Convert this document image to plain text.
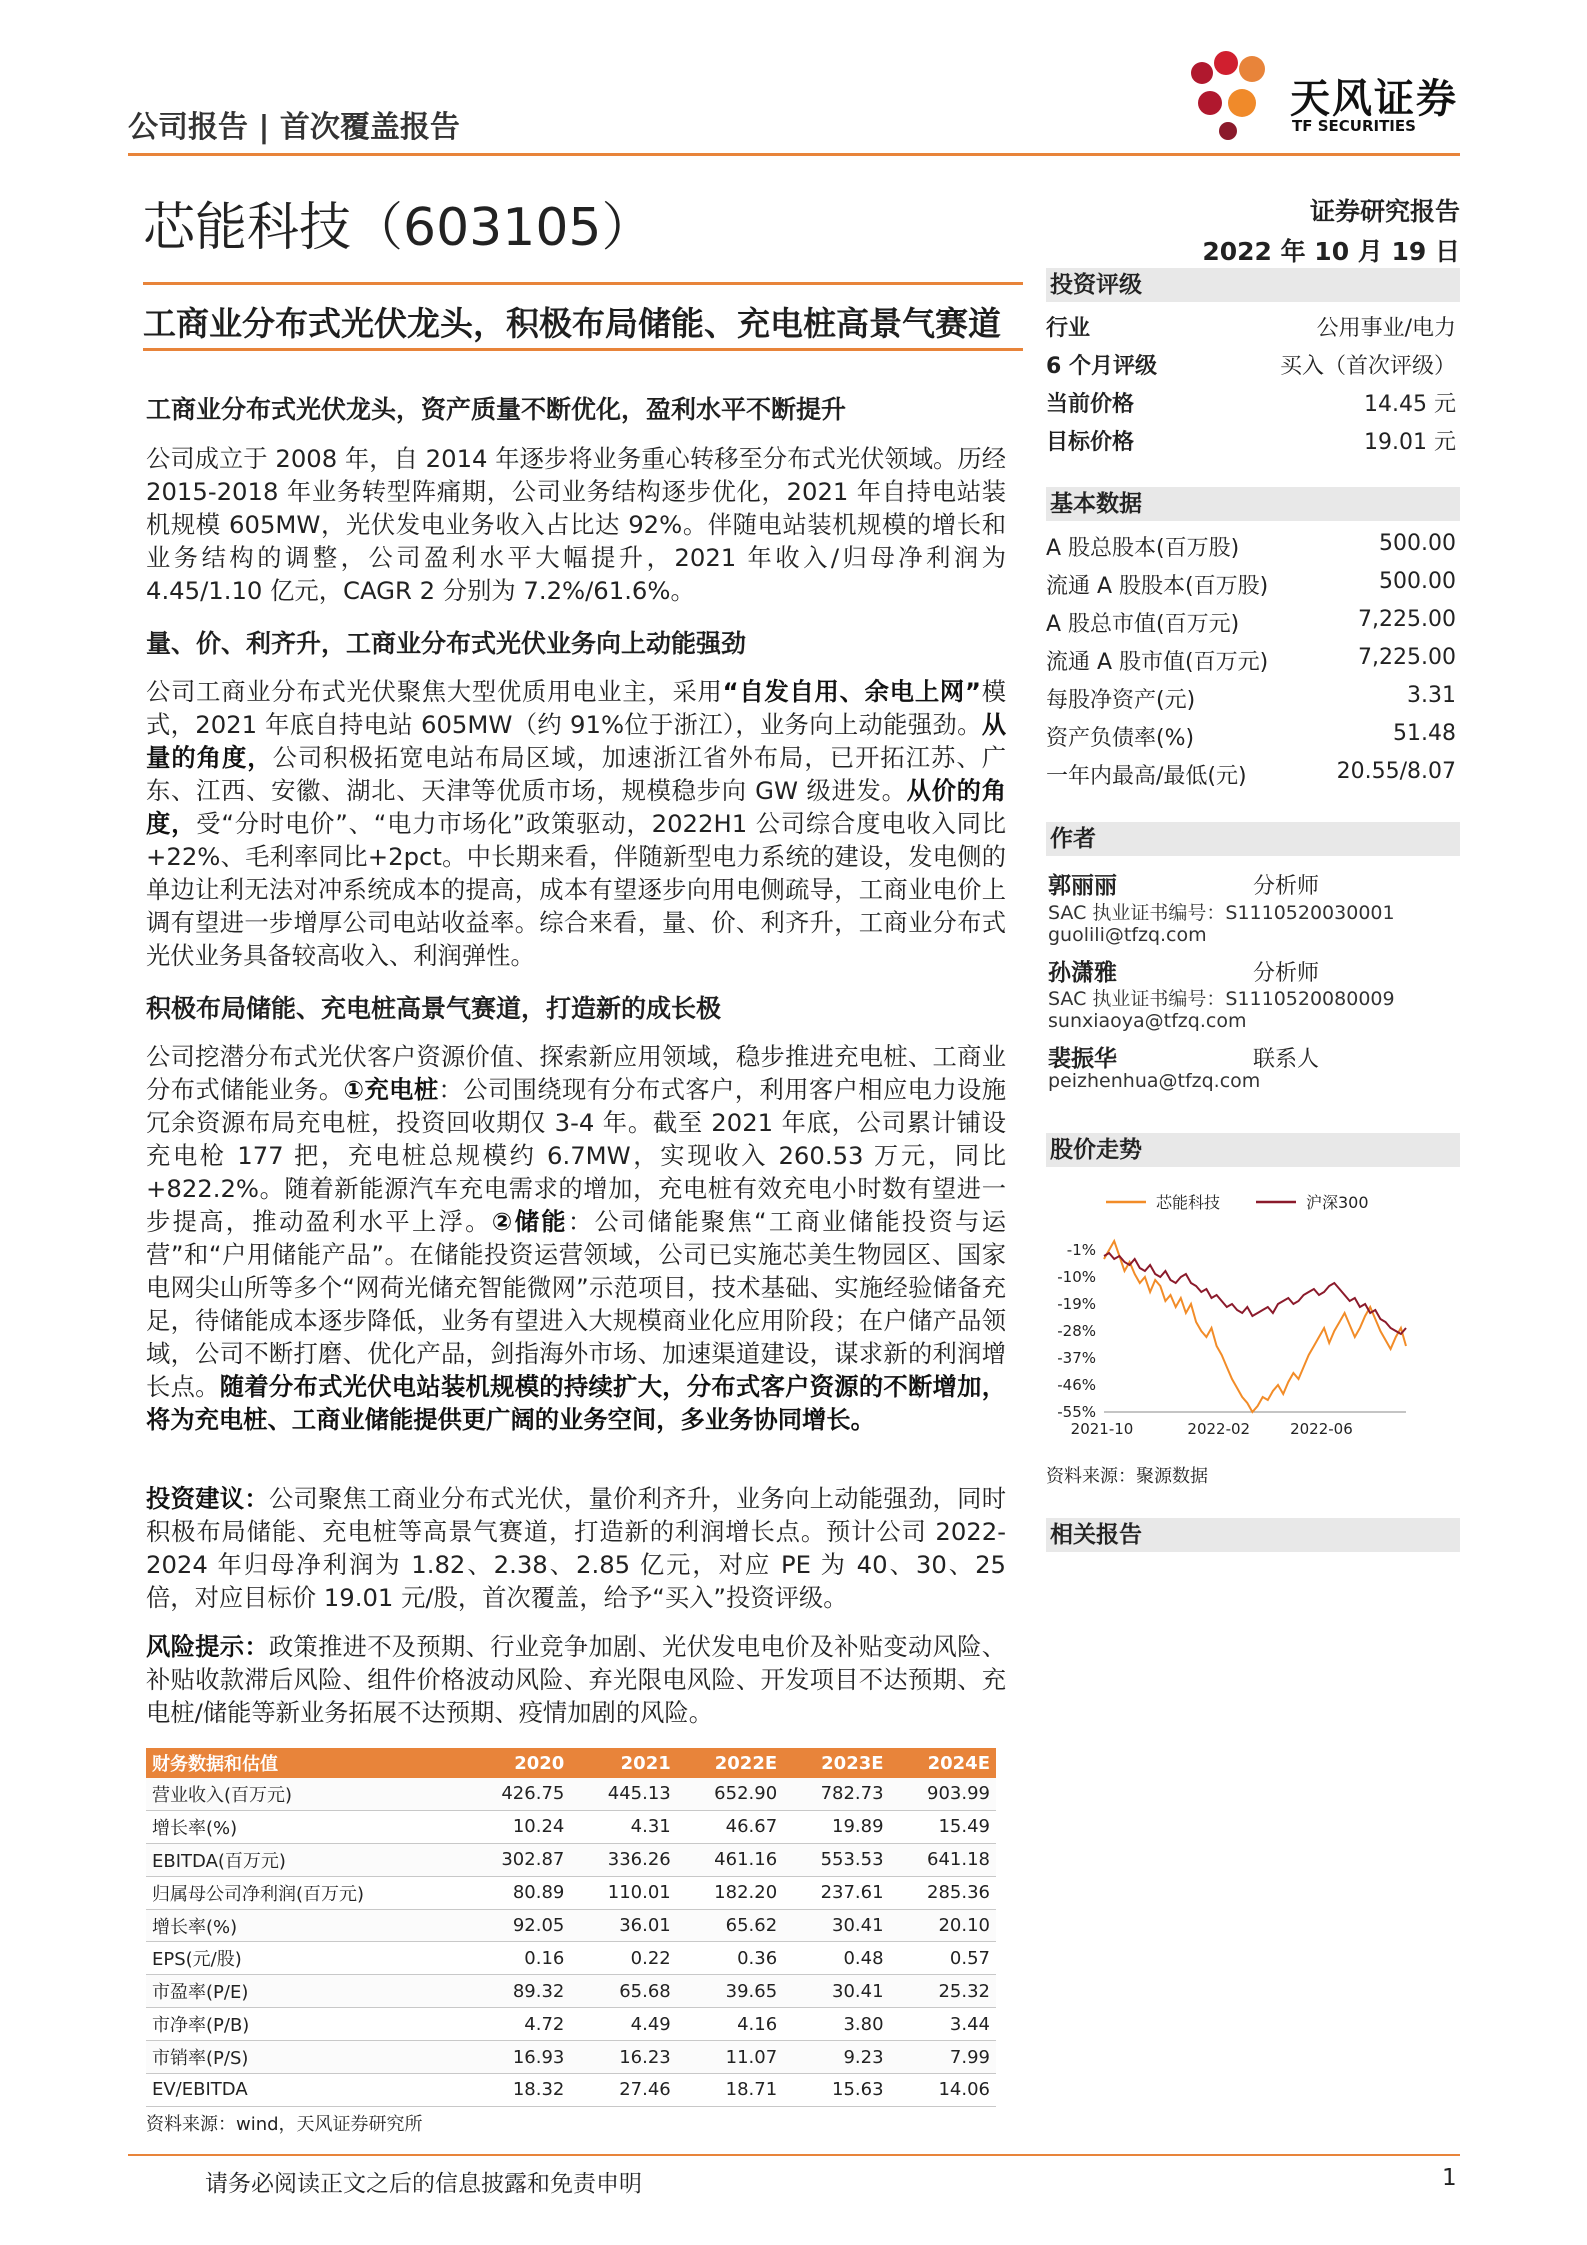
公司报告 | 首次覆盖报告
天风证券
TF SECURITIES
芯能科技（603105）	证券研究报告
2022 年 10 月 19 日
工商业分布式光伏龙头，积极布局储能、充电桩高景气赛道
工商业分布式光伏龙头，资产质量不断优化，盈利水平不断提升
公司成立于 2008 年，自 2014 年逐步将业务重心转移至分布式光伏领域。历经 2015-2018 年业务转型阵痛期，公司业务结构逐步优化，2021 年自持电站装机规模 605MW，光伏发电业务收入占比达 92%。伴随电站装机规模的增长和业务结构的调整，公司盈利水平大幅提升，2021 年收入/归母净利润为 4.45/1.10 亿元，CAGR 2 分别为 7.2%/61.6%。
量、价、利齐升，工商业分布式光伏业务向上动能强劲
公司工商业分布式光伏聚焦大型优质用电业主，采用“自发自用、余电上网”模式，2021 年底自持电站 605MW（约 91%位于浙江），业务向上动能强劲。从量的角度，公司积极拓宽电站布局区域，加速浙江省外布局，已开拓江苏、广东、江西、安徽、湖北、天津等优质市场，规模稳步向 GW 级进发。从价的角度，受“分时电价”、“电力市场化”政策驱动，2022H1 公司综合度电收入同比+22%、毛利率同比+2pct。中长期来看，伴随新型电力系统的建设，发电侧的单边让利无法对冲系统成本的提高，成本有望逐步向用电侧疏导，工商业电价上调有望进一步增厚公司电站收益率。综合来看，量、价、利齐升，工商业分布式光伏业务具备较高收入、利润弹性。
积极布局储能、充电桩高景气赛道，打造新的成长极
公司挖潜分布式光伏客户资源价值、探索新应用领域，稳步推进充电桩、工商业分布式储能业务。①充电桩：公司围绕现有分布式客户，利用客户相应电力设施冗余资源布局充电桩，投资回收期仅 3-4 年。截至 2021 年底，公司累计铺设充电枪 177 把，充电桩总规模约 6.7MW，实现收入 260.53 万元，同比+822.2%。随着新能源汽车充电需求的增加，充电桩有效充电小时数有望进一步提高，推动盈利水平上浮。②储能：公司储能聚焦“工商业储能投资与运营”和“户用储能产品”。在储能投资运营领域，公司已实施芯美生物园区、国家电网尖山所等多个“网荷光储充智能微网”示范项目，技术基础、实施经验储备充足，待储能成本逐步降低，业务有望进入大规模商业化应用阶段；在户储产品领域，公司不断打磨、优化产品，剑指海外市场、加速渠道建设，谋求新的利润增长点。随着分布式光伏电站装机规模的持续扩大，分布式客户资源的不断增加，将为充电桩、工商业储能提供更广阔的业务空间，多业务协同增长。
投资建议：公司聚焦工商业分布式光伏，量价利齐升，业务向上动能强劲，同时积极布局储能、充电桩等高景气赛道，打造新的利润增长点。预计公司 2022-2024 年归母净利润为 1.82、2.38、2.85 亿元，对应 PE 为 40、30、25 倍，对应目标价 19.01 元/股，首次覆盖，给予“买入”投资评级。
风险提示：政策推进不及预期、行业竞争加剧、光伏发电电价及补贴变动风险、补贴收款滞后风险、组件价格波动风险、弃光限电风险、开发项目不达预期、充电桩/储能等新业务拓展不达预期、疫情加剧的风险。
投资评级
行业	公用事业/电力
6 个月评级	买入（首次评级）
当前价格	14.45 元
目标价格	19.01 元
基本数据
A 股总股本(百万股)	500.00
流通 A 股股本(百万股)	500.00
A 股总市值(百万元)	7,225.00
流通 A 股市值(百万元)	7,225.00
每股净资产(元)	3.31
资产负债率(%)	51.48
一年内最高/最低(元)	20.55/8.07
作者
郭丽丽	分析师
SAC 执业证书编号：S1110520030001
guolili@tfzq.com
孙潇雅	分析师
SAC 执业证书编号：S1110520080009
sunxiaoya@tfzq.com
裴振华	联系人
peizhenhua@tfzq.com
股价走势
芯能科技	沪深300
-1%
-10%
-19%
-28%
-37%
-46%
-55%
2021-10	2022-02	2022-06
资料来源：聚源数据
相关报告
财务数据和估值	2020	2021	2022E	2023E	2024E
营业收入(百万元)	426.75	445.13	652.90	782.73	903.99
增长率(%)	10.24	4.31	46.67	19.89	15.49
EBITDA(百万元)	302.87	336.26	461.16	553.53	641.18
归属母公司净利润(百万元)	80.89	110.01	182.20	237.61	285.36
增长率(%)	92.05	36.01	65.62	30.41	20.10
EPS(元/股)	0.16	0.22	0.36	0.48	0.57
市盈率(P/E)	89.32	65.68	39.65	30.41	25.32
市净率(P/B)	4.72	4.49	4.16	3.80	3.44
市销率(P/S)	16.93	16.23	11.07	9.23	7.99
EV/EBITDA	18.32	27.46	18.71	15.63	14.06
资料来源：wind，天风证券研究所
请务必阅读正文之后的信息披露和免责申明	1
